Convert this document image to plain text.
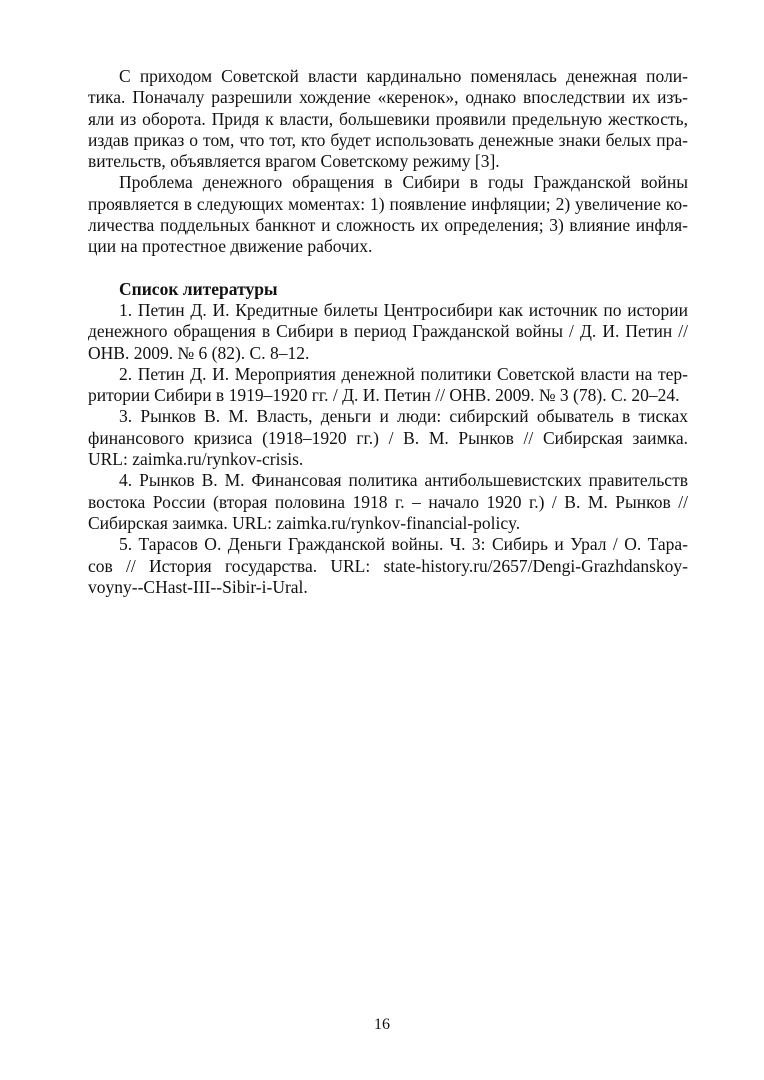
С приходом Советской власти кардинально поменялась денежная поли-
тика. Поначалу разрешили хождение «керенок», однако впоследствии их изъ-
яли из оборота. Придя к власти, большевики проявили предельную жесткость,
издав приказ о том, что тот, кто будет использовать денежные знаки белых пра-
вительств, объявляется врагом Советскому режиму [3].
Проблема денежного обращения в Сибири в годы Гражданской войны
проявляется в следующих моментах: 1) появление инфляции; 2) увеличение ко-
личества поддельных банкнот и сложность их определения; 3) влияние инфля-
ции на протестное движение рабочих.
Список литературы
1. Петин Д. И. Кредитные билеты Центросибири как источник по истории
денежного обращения в Сибири в период Гражданской войны / Д. И. Петин //
ОНВ. 2009. № 6 (82). С. 8–12.
2. Петин Д. И. Мероприятия денежной политики Советской власти на тер-
ритории Сибири в 1919–1920 гг. / Д. И. Петин // ОНВ. 2009. № 3 (78). С. 20–24.
3. Рынков В. М. Власть, деньги и люди: сибирский обыватель в тисках
финансового кризиса (1918–1920 гг.) / В. М. Рынков // Сибирская заимка.
URL: zaimka.ru/rynkov-crisis.
4. Рынков В. М. Финансовая политика антибольшевистских правительств
востока России (вторая половина 1918 г. – начало 1920 г.) / В. М. Рынков //
Сибирская заимка. URL: zaimka.ru/rynkov-financial-policy.
5. Тарасов О. Деньги Гражданской войны. Ч. 3: Сибирь и Урал / О. Тара-
сов // История государства. URL: state-history.ru/2657/Dengi-Grazhdanskoy-
voyny--CHast-III--Sibir-i-Ural.
16
